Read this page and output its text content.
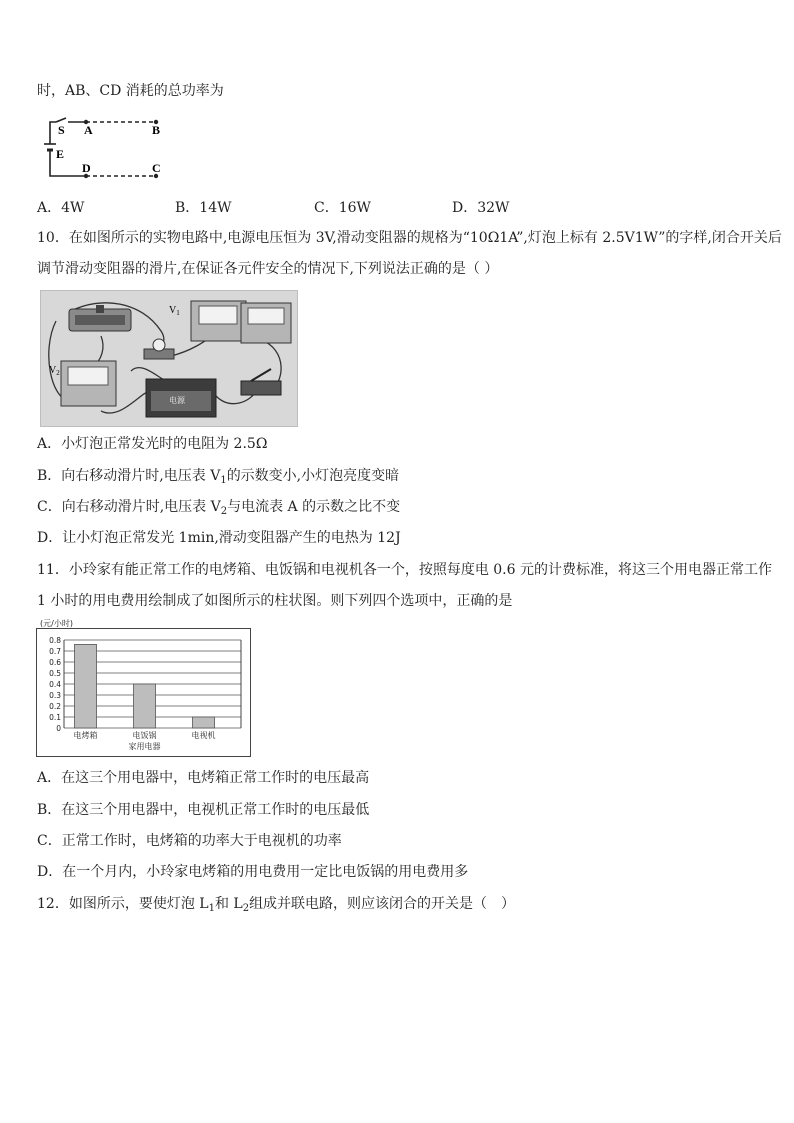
时，AB、CD 消耗的总功率为
S A	B
E
D	C
A．4W	B．14W	C．16W	D．32W
10．在如图所示的实物电路中,电源电压恒为 3V,滑动变阻器的规格为“10Ω1A”,灯泡上标有 2.5V1W”的字样,闭合开关后
调节滑动变阻器的滑片,在保证各元件安全的情况下,下列说法正确的是（ ）
$V_1$
$V_2$
电源
A．小灯泡正常发光时的电阻为 2.5Ω
B．向右移动滑片时,电压表 $V_1$的示数变小,小灯泡亮度变暗
C．向右移动滑片时,电压表 $V_2$与电流表 A 的示数之比不变
D．让小灯泡正常发光 1min,滑动变阻器产生的电热为 12J
11．小玲家有能正常工作的电烤箱、电饭锅和电视机各一个，按照每度电 0.6 元的计费标准，将这三个用电器正常工作
1 小时的用电费用绘制成了如图所示的柱状图。则下列四个选项中，正确的是
(元/小时)
0
0.1
0.2
0.3
0.4
0.5
0.6
0.7
0.8
电烤箱	电饭锅	电视机
家用电器
A．在这三个用电器中，电烤箱正常工作时的电压最高
B．在这三个用电器中，电视机正常工作时的电压最低
C．正常工作时，电烤箱的功率大于电视机的功率
D．在一个月内，小玲家电烤箱的用电费用一定比电饭锅的用电费用多
12．如图所示，要使灯泡 $L_1$和 $L_2$组成并联电路，则应该闭合的开关是（　）
